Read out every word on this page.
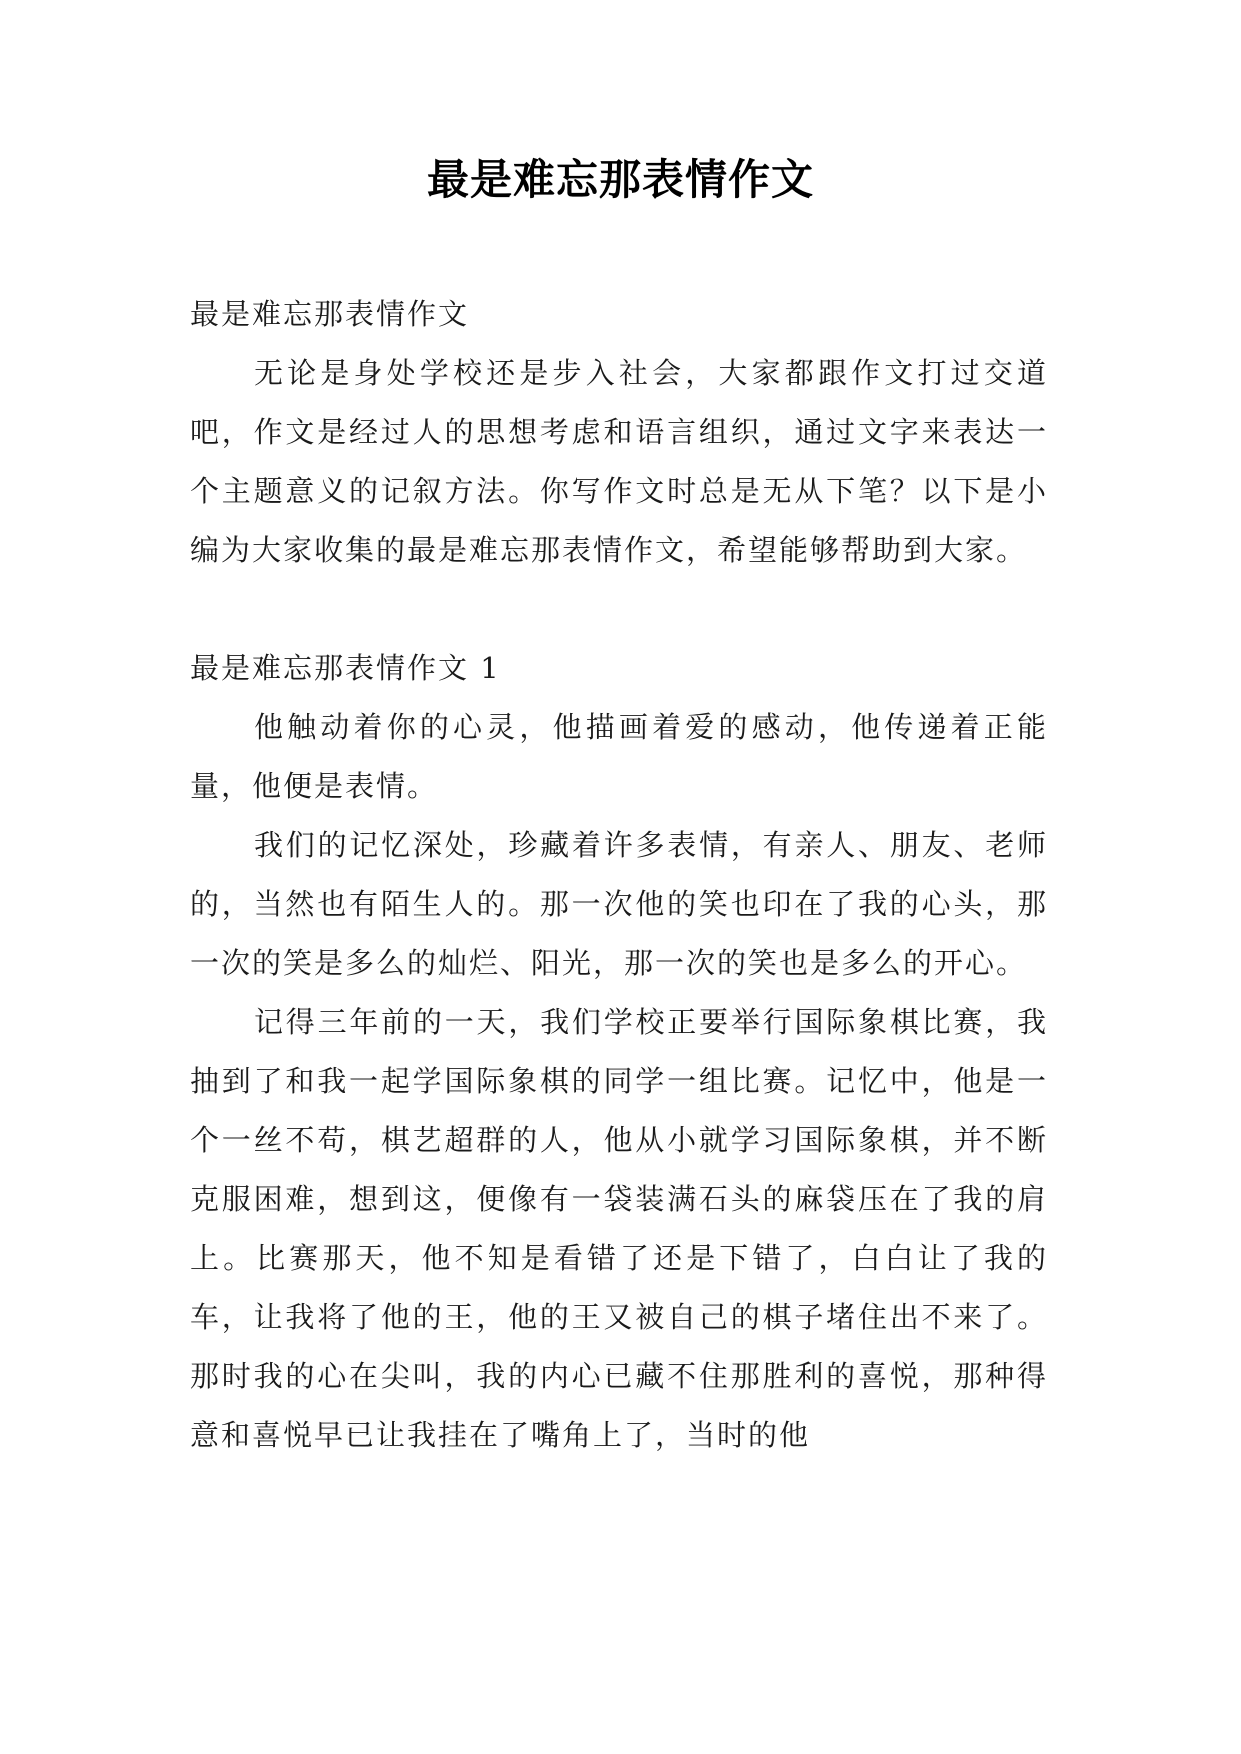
最是难忘那表情作文

最是难忘那表情作文

无论是身处学校还是步入社会，大家都跟作文打过交道吧，作文是经过人的思想考虑和语言组织，通过文字来表达一个主题意义的记叙方法。你写作文时总是无从下笔？以下是小编为大家收集的最是难忘那表情作文，希望能够帮助到大家。

最是难忘那表情作文 1

他触动着你的心灵，他描画着爱的感动，他传递着正能量，他便是表情。

我们的记忆深处，珍藏着许多表情，有亲人、朋友、老师的，当然也有陌生人的。那一次他的笑也印在了我的心头，那一次的笑是多么的灿烂、阳光，那一次的笑也是多么的开心。

记得三年前的一天，我们学校正要举行国际象棋比赛，我抽到了和我一起学国际象棋的同学一组比赛。记忆中，他是一个一丝不苟，棋艺超群的人，他从小就学习国际象棋，并不断克服困难，想到这，便像有一袋装满石头的麻袋压在了我的肩上。比赛那天，他不知是看错了还是下错了，白白让了我的车，让我将了他的王，他的王又被自己的棋子堵住出不来了。那时我的心在尖叫，我的内心已藏不住那胜利的喜悦，那种得意和喜悦早已让我挂在了嘴角上了，当时的他
